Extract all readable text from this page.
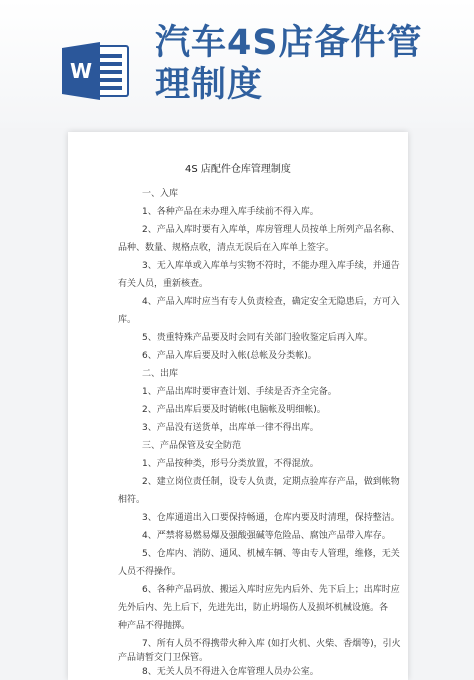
W
汽车4S店备件管
理制度
4S 店配件仓库管理制度
一、入库
1、各种产品在未办理入库手续前不得入库。
2、产品入库时要有入库单，库房管理人员按单上所列产品名称、
品种、数量、规格点收，清点无误后在入库单上签字。
3、无入库单或入库单与实物不符时，不能办理入库手续，并通告
有关人员，重新核查。
4、产品入库时应当有专人负责检查，确定安全无隐患后，方可入
库。
5、贵重特殊产品要及时会同有关部门验收鉴定后再入库。
6、产品入库后要及时入帐(总帐及分类帐)。
二、出库
1、产品出库时要审查计划、手续是否齐全完备。
2、产品出库后要及时销帐(电脑帐及明细帐)。
3、产品没有送货单，出库单一律不得出库。
三、产品保管及安全防范
1、产品按种类，形号分类放置，不得混放。
2、建立岗位责任制，设专人负责，定期点验库存产品，做到帐物
相符。
3、仓库通道出入口要保持畅通，仓库内要及时清理，保持整洁。
4、严禁将易燃易爆及强酸强碱等危险品、腐蚀产品带入库存。
5、仓库内、消防、通风、机械车辆、等由专人管理，维修，无关
人员不得操作。
6、各种产品码放、搬运入库时应先内后外、先下后上；出库时应
先外后内、先上后下，先进先出，防止坍塌伤人及损坏机械设施。各
种产品不得抛掷。
7、所有人员不得携带火种入库 (如打火机、火柴、香烟等)，引火
产品请暂交门卫保管。
8、无关人员不得进入仓库管理人员办公室。
